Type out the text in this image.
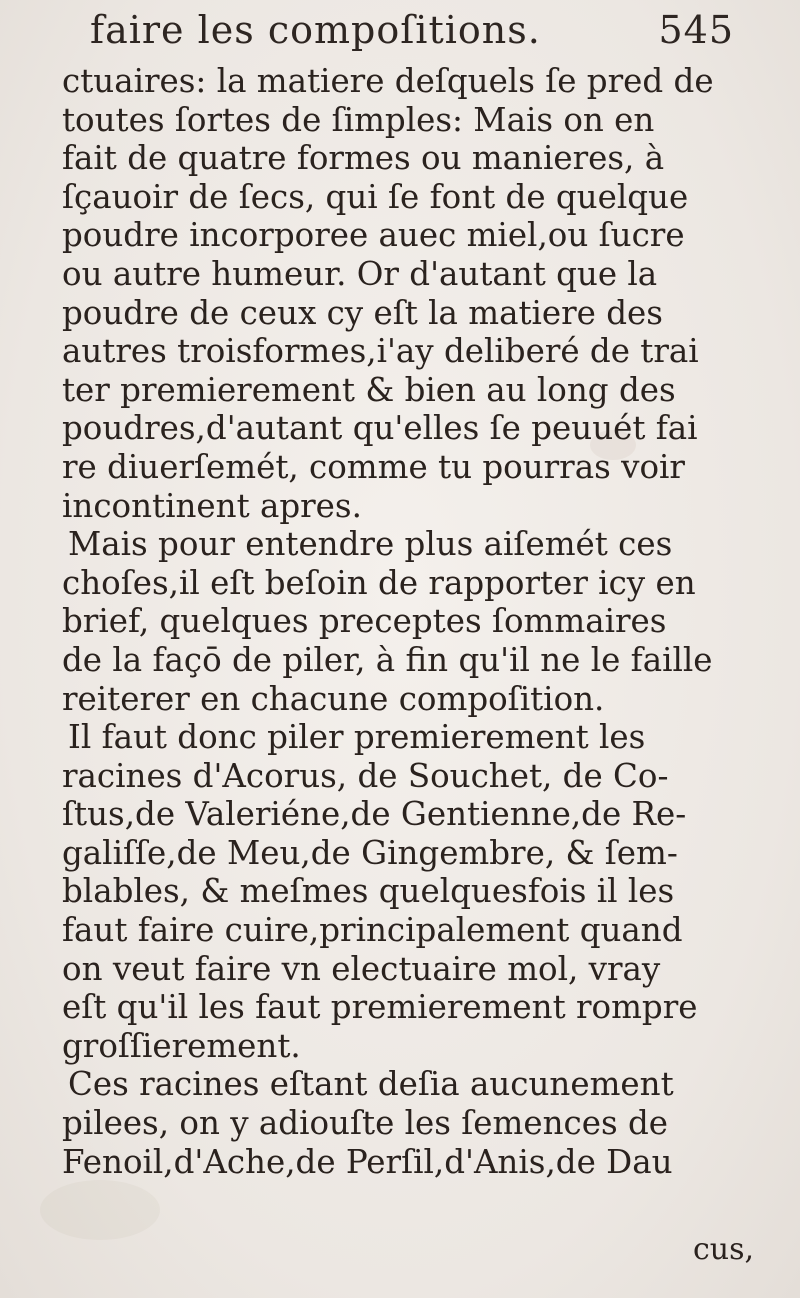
faire les compoſitions.	545
ctuaires: la matiere deſquels ſe pred de
toutes ſortes de ſimples: Mais on en
fait de quatre formes ou manieres, à
ſçauoir de ſecs, qui ſe font de quelque
poudre incorporee auec miel,ou ſucre
ou autre humeur. Or d'autant que la
poudre de ceux cy eſt la matiere des
autres troisformes,i'ay deliberé de trai
ter premierement & bien au long des
poudres,d'autant qu'elles ſe peuuét fai
re diuerſemét, comme tu pourras voir
incontinent apres.
Mais pour entendre plus aiſemét ces
choſes,il eſt beſoin de rapporter icy en
brief, quelques preceptes ſommaires
de la façō de piler, à fin qu'il ne le faille
reiterer en chacune compoſition.
Il faut donc piler premierement les
racines d'Acorus, de Souchet, de Co-
ſtus,de Valeriéne,de Gentienne,de Re-
galiſſe,de Meu,de Gingembre, & ſem-
blables, & meſmes quelquesfois il les
faut faire cuire,principalement quand
on veut faire vn electuaire mol, vray
eſt qu'il les faut premierement rompre
groſſierement.
Ces racines eſtant deſia aucunement
pilees, on y adiouſte les ſemences de
Fenoil,d'Ache,de Perſil,d'Anis,de Dau
cus,
